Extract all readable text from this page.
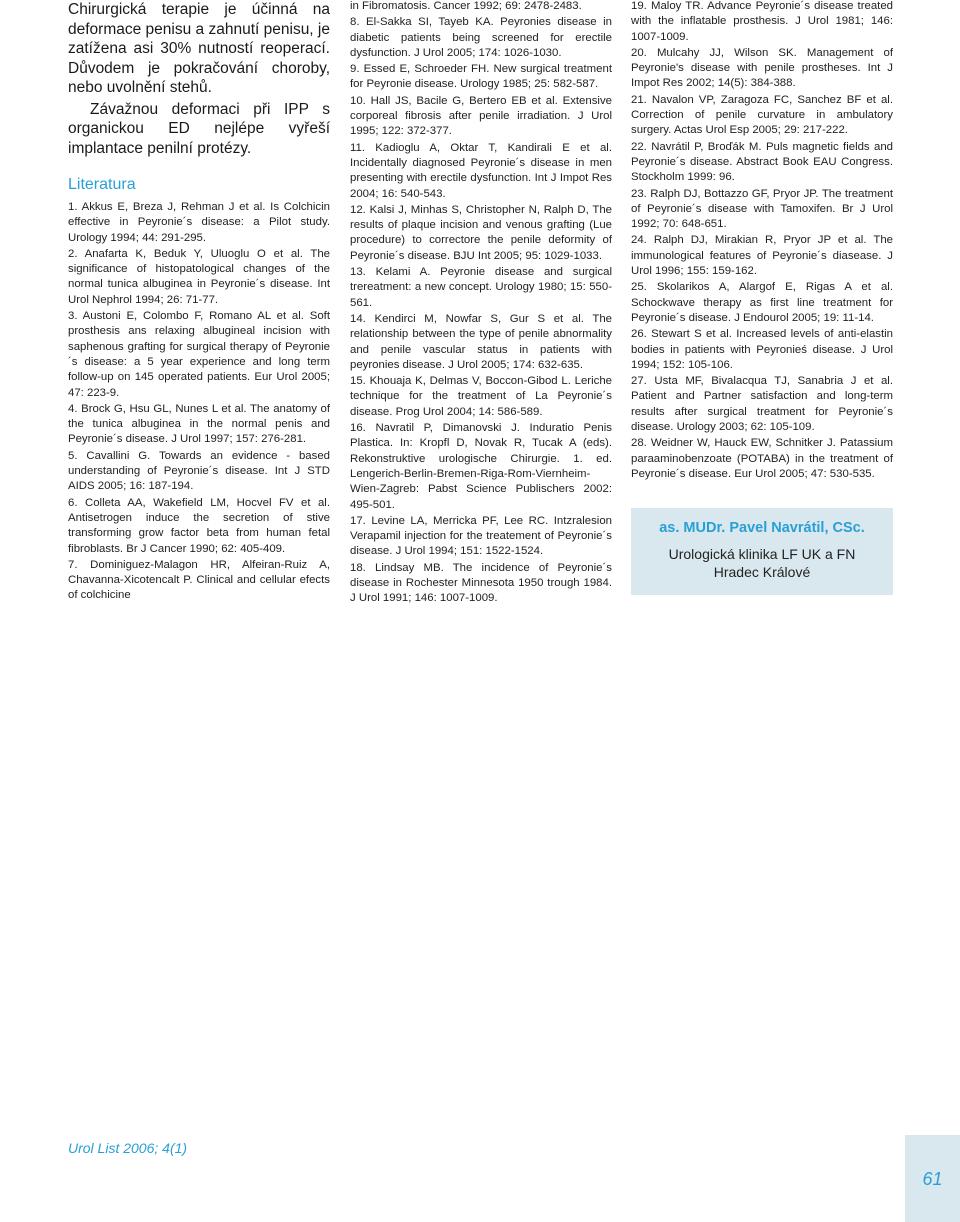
Chirurgická terapie je účinná na deformace penisu a zahnutí penisu, je zatížena asi 30% nutností reoperací. Důvodem je pokračování choroby, nebo uvolnění stehů.

Závažnou deformaci při IPP s organickou ED nejlépe vyřeší implantace penilní protézy.

Literatura
1. Akkus E, Breza J, Rehman J et al. Is Colchicin effective in Peyronie´s disease: a Pilot study. Urology 1994; 44: 291-295.
2. Anafarta K, Beduk Y, Uluoglu O et al. The significance of histopatological changes of the normal tunica albuginea in Peyronie´s disease. Int Urol Nephrol 1994; 26: 71-77.
3. Austoni E, Colombo F, Romano AL et al. Soft prosthesis ans relaxing albugineal incision with saphenous grafting for surgical therapy of Peyronie´s disease: a 5 year experience and long term follow-up on 145 operated patients. Eur Urol 2005; 47: 223-9.
4. Brock G, Hsu GL, Nunes L et al. The anatomy of the tunica albuginea in the normal penis and Peyronie´s disease. J Urol 1997; 157: 276-281.
5. Cavallini G. Towards an evidence - based understanding of Peyronie´s disease. Int J STD AIDS 2005; 16: 187-194.
6. Colleta AA, Wakefield LM, Hocvel FV et al. Antisetrogen induce the secretion of stive transforming grow factor beta from human fetal fibroblasts. Br J Cancer 1990; 62: 405-409.
7. Dominiguez-Malagon HR, Alfeiran-Ruiz A, Chavanna-Xicotencalt P. Clinical and cellular efects of colchicine
in Fibromatosis. Cancer 1992; 69: 2478-2483.
8. El-Sakka SI, Tayeb KA. Peyronies disease in diabetic patients being screened for erectile dysfunction. J Urol 2005; 174: 1026-1030.
9. Essed E, Schroeder FH. New surgical treatment for Peyronie disease. Urology 1985; 25: 582-587.
10. Hall JS, Bacile G, Bertero EB et al. Extensive corporeal fibrosis after penile irradiation. J Urol 1995; 122: 372-377.
11. Kadioglu A, Oktar T, Kandirali E et al. Incidentally diagnosed Peyronie´s disease in men presenting with erectile dysfunction. Int J Impot Res 2004; 16: 540-543.
12. Kalsi J, Minhas S, Christopher N, Ralph D, The results of plaque incision and venous grafting (Lue procedure) to correctore the penile deformity of Peyronie´s disease. BJU Int 2005; 95: 1029-1033.
13. Kelami A. Peyronie disease and surgical trereatment: a new concept. Urology 1980; 15: 550-561.
14. Kendirci M, Nowfar S, Gur S et al. The relationship between the type of penile abnormality and penile vascular status in patients with peyronies disease. J Urol 2005; 174: 632-635.
15. Khouaja K, Delmas V, Boccon-Gibod L. Leriche technique for the treatment of La Peyronie´s disease. Prog Urol 2004; 14: 586-589.
16. Navratil P, Dimanovski J. Induratio Penis Plastica. In: Kropfl D, Novak R, Tucak A (eds). Rekonstruktive urologische Chirurgie. 1. ed. Lengerich-Berlin-Bremen-Riga-Rom-Viernheim-Wien-Zagreb: Pabst Science Publischers 2002: 495-501.
17. Levine LA, Merricka PF, Lee RC. Intzralesion Verapamil injection for the treatement of Peyronie´s disease. J Urol 1994; 151: 1522-1524.
18. Lindsay MB. The incidence of Peyronie´s disease in Rochester Minnesota 1950 trough 1984. J Urol 1991; 146: 1007-1009.
19. Maloy TR. Advance Peyronie´s disease treated with the inflatable prosthesis. J Urol 1981; 146: 1007-1009.
20. Mulcahy JJ, Wilson SK. Management of Peyronie's disease with penile prostheses. Int J Impot Res 2002; 14(5): 384-388.
21. Navalon VP, Zaragoza FC, Sanchez BF et al. Correction of penile curvature in ambulatory surgery. Actas Urol Esp 2005; 29: 217-222.
22. Navrátil P, Broďák M. Puls magnetic fields and Peyronie´s disease. Abstract Book EAU Congress. Stockholm 1999: 96.
23. Ralph DJ, Bottazzo GF, Pryor JP. The treatment of Peyronie´s disease with Tamoxifen. Br J Urol 1992; 70: 648-651.
24. Ralph DJ, Mirakian R, Pryor JP et al. The immunological features of Peyronie´s diasease. J Urol 1996; 155: 159-162.
25. Skolarikos A, Alargof E, Rigas A et al. Schockwave therapy as first line treatment for Peyronie´s disease. J Endourol 2005; 19: 11-14.
26. Stewart S et al. Increased levels of anti-elastin bodies in patients with Peyronieś disease. J Urol 1994; 152: 105-106.
27. Usta MF, Bivalacqua TJ, Sanabria J et al. Patient and Partner satisfaction and long-term results after surgical treatment for Peyronie´s disease. Urology 2003; 62: 105-109.
28. Weidner W, Hauck EW, Schnitker J. Patassium paraaminobenzoate (POTABA) in the treatment of Peyronie´s disease. Eur Urol 2005; 47: 530-535.
as. MUDr. Pavel Navrátil, CSc.
Urologická klinika LF UK a FN
Hradec Králové
Urol List 2006; 4(1)
61
